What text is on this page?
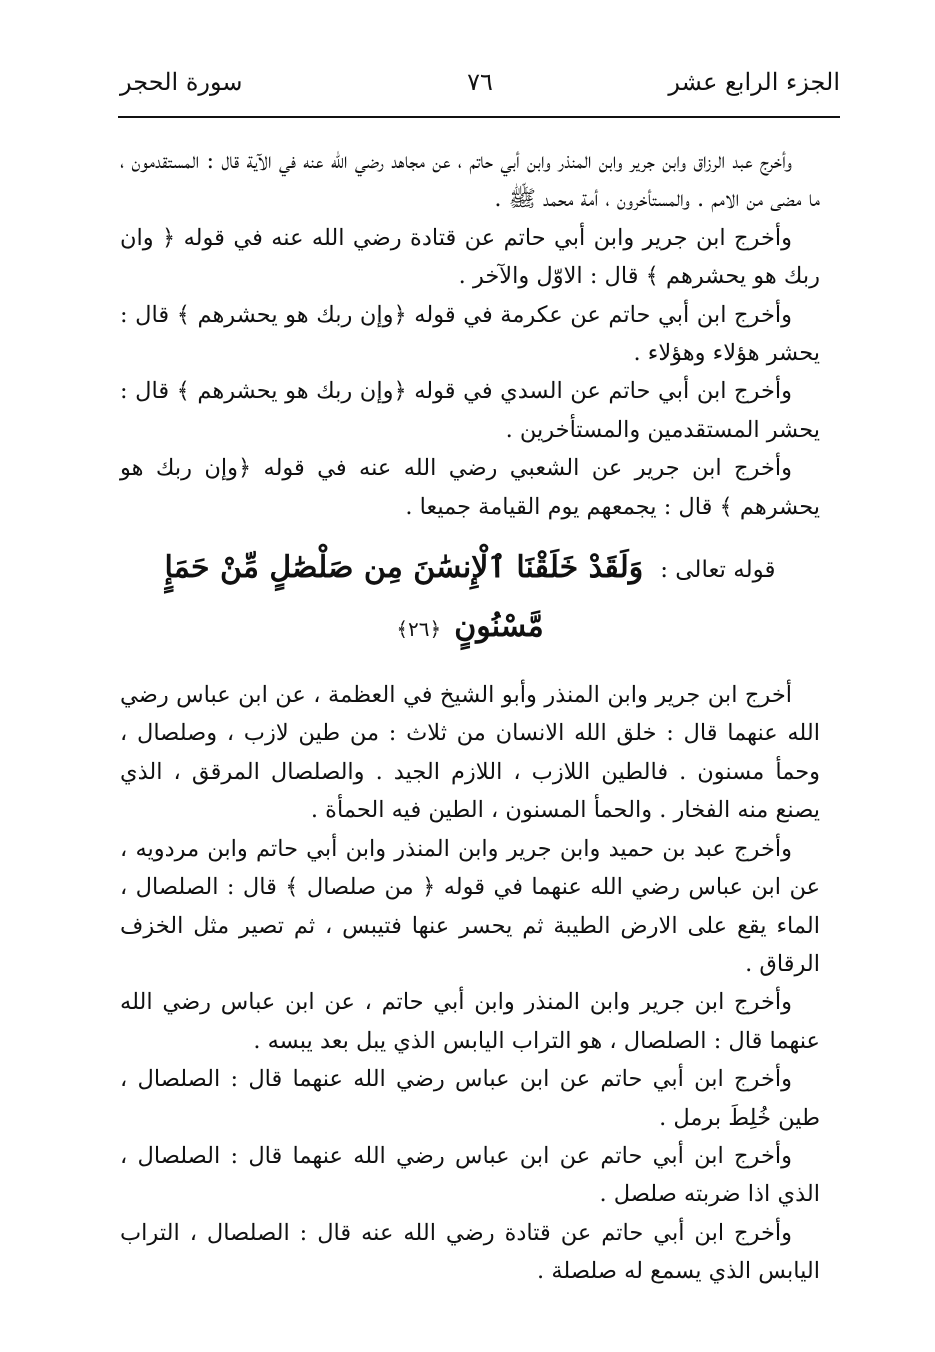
الجزء الرابع عشر
٧٦
سورة الحجر

وأخرج عبد الرزاق وابن جرير وابن المنذر وابن أبي حاتم ، عن مجاهد رضي الله عنه في الآية قال : المستقدمون ، ما مضى من الامم . والمستأخرون ، أمة محمد ﷺ .

وأخرج ابن جرير وابن أبي حاتم عن قتادة رضي الله عنه في قوله ﴿ وان ربك هو يحشرهم ﴾ قال : الاوّل والآخر .

وأخرج ابن أبي حاتم عن عكرمة في قوله ﴿وإن ربك هو يحشرهم ﴾ قال : يحشر هؤلاء وهؤلاء .

وأخرج ابن أبي حاتم عن السدي في قوله ﴿وإن ربك هو يحشرهم ﴾ قال : يحشر المستقدمين والمستأخرين .

وأخرج ابن جرير عن الشعبي رضي الله عنه في قوله ﴿وإن ربك هو يحشرهم ﴾ قال : يجمعهم يوم القيامة جميعا .

قوله تعالى : وَلَقَدْ خَلَقْنَا ٱلْإِنسَٰنَ مِن صَلْصَٰلٍ مِّنْ حَمَإٍ مَّسْنُونٍ ﴿٢٦﴾

أخرج ابن جرير وابن المنذر وأبو الشيخ في العظمة ، عن ابن عباس رضي الله عنهما قال : خلق الله الانسان من ثلاث : من طين لازب ، وصلصال ، وحمأ مسنون . فالطين اللازب ، اللازم الجيد . والصلصال المرقق ، الذي يصنع منه الفخار . والحمأ المسنون ، الطين فيه الحمأة .

وأخرج عبد بن حميد وابن جرير وابن المنذر وابن أبي حاتم وابن مردويه ، عن ابن عباس رضي الله عنهما في قوله ﴿ من صلصال ﴾ قال : الصلصال ، الماء يقع على الارض الطيبة ثم يحسر عنها فتيبس ، ثم تصير مثل الخزف الرقاق .

وأخرج ابن جرير وابن المنذر وابن أبي حاتم ، عن ابن عباس رضي الله عنهما قال : الصلصال ، هو التراب اليابس الذي يبل بعد يبسه .

وأخرج ابن أبي حاتم عن ابن عباس رضي الله عنهما قال : الصلصال ، طين خُلِطَ برمل .

وأخرج ابن أبي حاتم عن ابن عباس رضي الله عنهما قال : الصلصال ، الذي اذا ضربته صلصل .

وأخرج ابن أبي حاتم عن قتادة رضي الله عنه قال : الصلصال ، التراب اليابس الذي يسمع له صلصلة .
